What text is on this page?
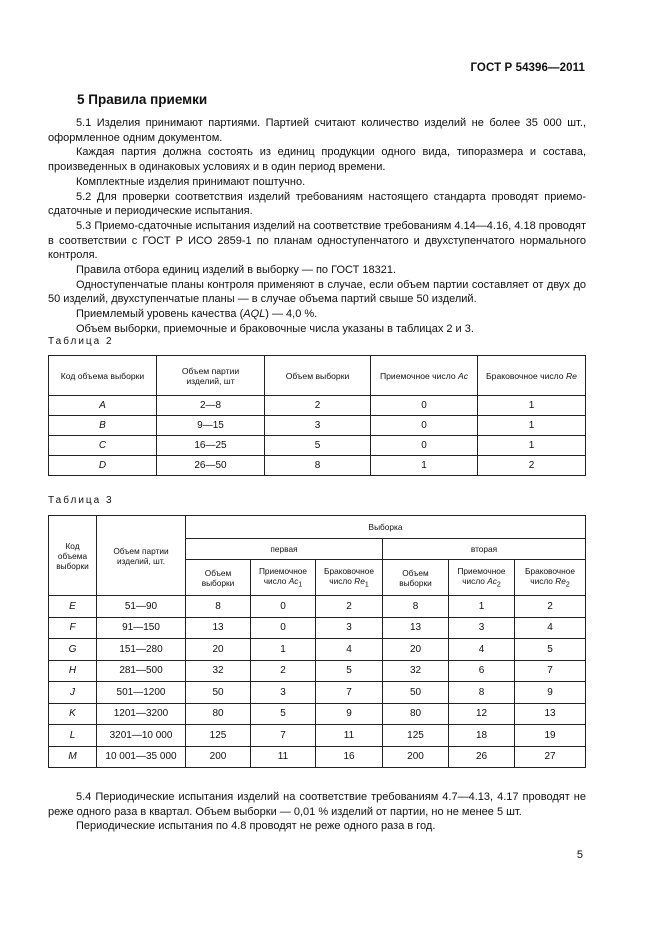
ГОСТ Р 54396—2011
5 Правила приемки

5.1 Изделия принимают партиями. Партией считают количество изделий не более 35 000 шт., оформленное одним документом.

Каждая партия должна состоять из единиц продукции одного вида, типоразмера и состава, произведенных в одинаковых условиях и в один период времени.

Комплектные изделия принимают поштучно.

5.2 Для проверки соответствия изделий требованиям настоящего стандарта проводят приемо-сдаточные и периодические испытания.

5.3 Приемо-сдаточные испытания изделий на соответствие требованиям 4.14—4.16, 4.18 проводят в соответствии с ГОСТ Р ИСО 2859-1 по планам одноступенчатого и двухступенчатого нормального контроля.

Правила отбора единиц изделий в выборку — по ГОСТ 18321.

Одноступенчатые планы контроля применяют в случае, если объем партии составляет от двух до 50 изделий, двухступенчатые планы — в случае объема партий свыше 50 изделий.

Приемлемый уровень качества (AQL) — 4,0 %.

Объем выборки, приемочные и браковочные числа указаны в таблицах 2 и 3.

Таблица 2
Код объема выборки	Объем партии изделий, шт	Объем выборки	Приемочное число Ac	Браковочное число Re
A	2—8	2	0	1
B	9—15	3	0	1
C	16—25	5	0	1
D	26—50	8	1	2
Таблица 3
Код объема выборки	Объем партии изделий, шт.	Выборка					
		первая			вторая		
		Объем выборки	Приемочное число $Ac_1$	Браковочное число $Re_1$	Объем выборки	Приемочное число $Ac_2$	Браковочное число $Re_2$
E	51—90	8	0	2	8	1	2
F	91—150	13	0	3	13	3	4
G	151—280	20	1	4	20	4	5
H	281—500	32	2	5	32	6	7
J	501—1200	50	3	7	50	8	9
K	1201—3200	80	5	9	80	12	13
L	3201—10 000	125	7	11	125	18	19
M	10 001—35 000	200	11	16	200	26	27

5.4 Периодические испытания изделий на соответствие требованиям 4.7—4.13, 4.17 проводят не реже одного раза в квартал. Объем выборки — 0,01 % изделий от партии, но не менее 5 шт.

Периодические испытания по 4.8 проводят не реже одного раза в год.

5
